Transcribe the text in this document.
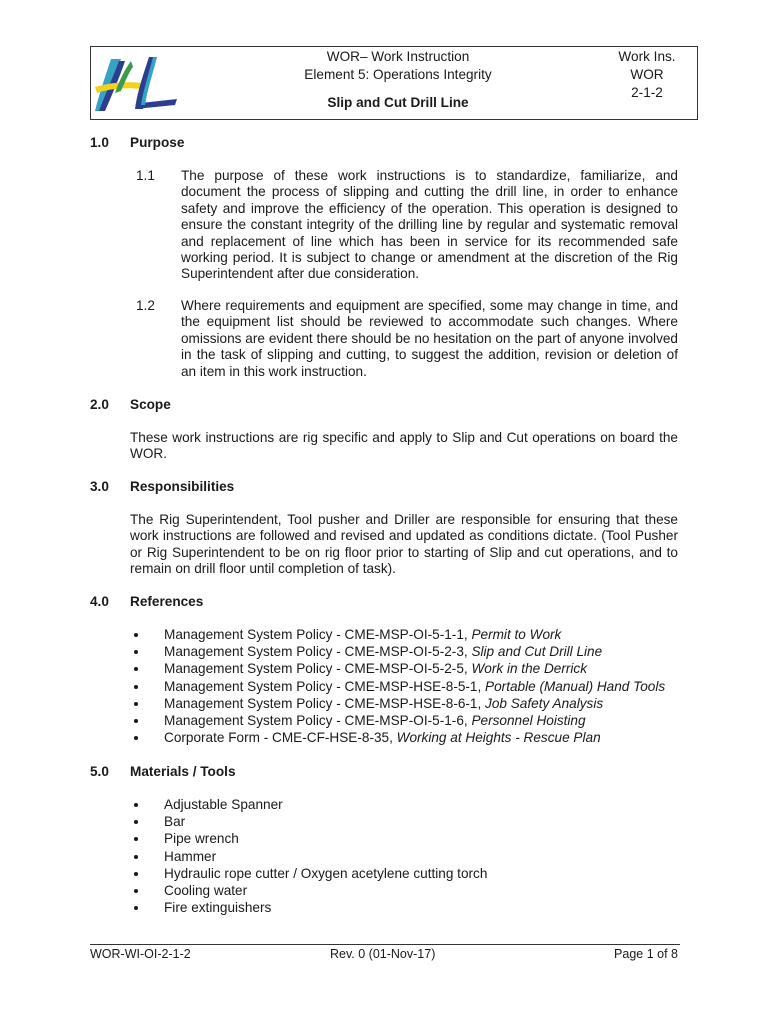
WOR– Work Instruction
Element 5: Operations Integrity
Slip and Cut Drill Line
Work Ins.
WOR
2-1-2
1.0 Purpose
1.1 The purpose of these work instructions is to standardize, familiarize, and document the process of slipping and cutting the drill line, in order to enhance safety and improve the efficiency of the operation. This operation is designed to ensure the constant integrity of the drilling line by regular and systematic removal and replacement of line which has been in service for its recommended safe working period. It is subject to change or amendment at the discretion of the Rig Superintendent after due consideration.
1.2 Where requirements and equipment are specified, some may change in time, and the equipment list should be reviewed to accommodate such changes. Where omissions are evident there should be no hesitation on the part of anyone involved in the task of slipping and cutting, to suggest the addition, revision or deletion of an item in this work instruction.
2.0 Scope
These work instructions are rig specific and apply to Slip and Cut operations on board the WOR.
3.0 Responsibilities
The Rig Superintendent, Tool pusher and Driller are responsible for ensuring that these work instructions are followed and revised and updated as conditions dictate. (Tool Pusher or Rig Superintendent to be on rig floor prior to starting of Slip and cut operations, and to remain on drill floor until completion of task).
4.0 References
Management System Policy - CME-MSP-OI-5-1-1, Permit to Work
Management System Policy - CME-MSP-OI-5-2-3, Slip and Cut Drill Line
Management System Policy - CME-MSP-OI-5-2-5, Work in the Derrick
Management System Policy - CME-MSP-HSE-8-5-1, Portable (Manual) Hand Tools
Management System Policy - CME-MSP-HSE-8-6-1, Job Safety Analysis
Management System Policy - CME-MSP-OI-5-1-6, Personnel Hoisting
Corporate Form - CME-CF-HSE-8-35, Working at Heights - Rescue Plan
5.0 Materials / Tools
Adjustable Spanner
Bar
Pipe wrench
Hammer
Hydraulic rope cutter / Oxygen acetylene cutting torch
Cooling water
Fire extinguishers
WOR-WI-OI-2-1-2	Rev. 0 (01-Nov-17)	Page 1 of 8
